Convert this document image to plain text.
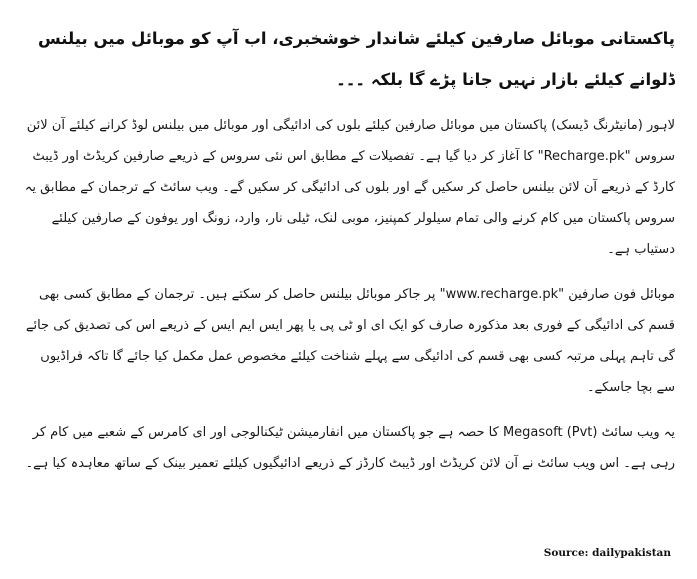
پاکستانی موبائل صارفین کیلئے شاندار خوشخبری، اب آپ کو موبائل میں بیلنس ڈلوانے کیلئے بازار نہیں جانا پڑے گا بلکہ ۔۔۔
لاہور (مانیٹرنگ ڈیسک) پاکستان میں موبائل صارفین کیلئے بلوں کی ادائیگی اور موبائل میں بیلنس لوڈ کرانے کیلئے آن لائن سروس "Recharge.pk" کا آغاز کر دیا گیا ہے۔ تفصیلات کے مطابق اس نئی سروس کے ذریعے صارفین کریڈٹ اور ڈیبٹ کارڈ کے ذریعے آن لائن بیلنس حاصل کر سکیں گے اور بلوں کی ادائیگی کر سکیں گے۔ ویب سائٹ کے ترجمان کے مطابق یہ سروس پاکستان میں کام کرنے والی تمام سیلولر کمپنیز، موبی لنک، ٹیلی نار، وارد، زونگ اور یوفون کے صارفین کیلئے دستیاب ہے۔
موبائل فون صارفین "www.recharge.pk" پر جاکر موبائل بیلنس حاصل کر سکتے ہیں۔ ترجمان کے مطابق کسی بھی قسم کی ادائیگی کے فوری بعد مذکورہ صارف کو ایک ای او ٹی پی یا پھر ایس ایم ایس کے ذریعے اس کی تصدیق کی جائے گی تاہم پہلی مرتبہ کسی بھی قسم کی ادائیگی سے پہلے شناخت کیلئے مخصوص عمل مکمل کیا جائے گا تاکہ فراڈیوں سے بچا جاسکے۔
یہ ویب سائٹ Megasoft (Pvt) کا حصہ ہے جو پاکستان میں انفارمیشن ٹیکنالوجی اور ای کامرس کے شعبے میں کام کر رہی ہے۔ اس ویب سائٹ نے آن لائن کریڈٹ اور ڈیبٹ کارڈز کے ذریعے ادائیگیوں کیلئے تعمیر بینک کے ساتھ معاہدہ کیا ہے۔
Source: dailypakistan
